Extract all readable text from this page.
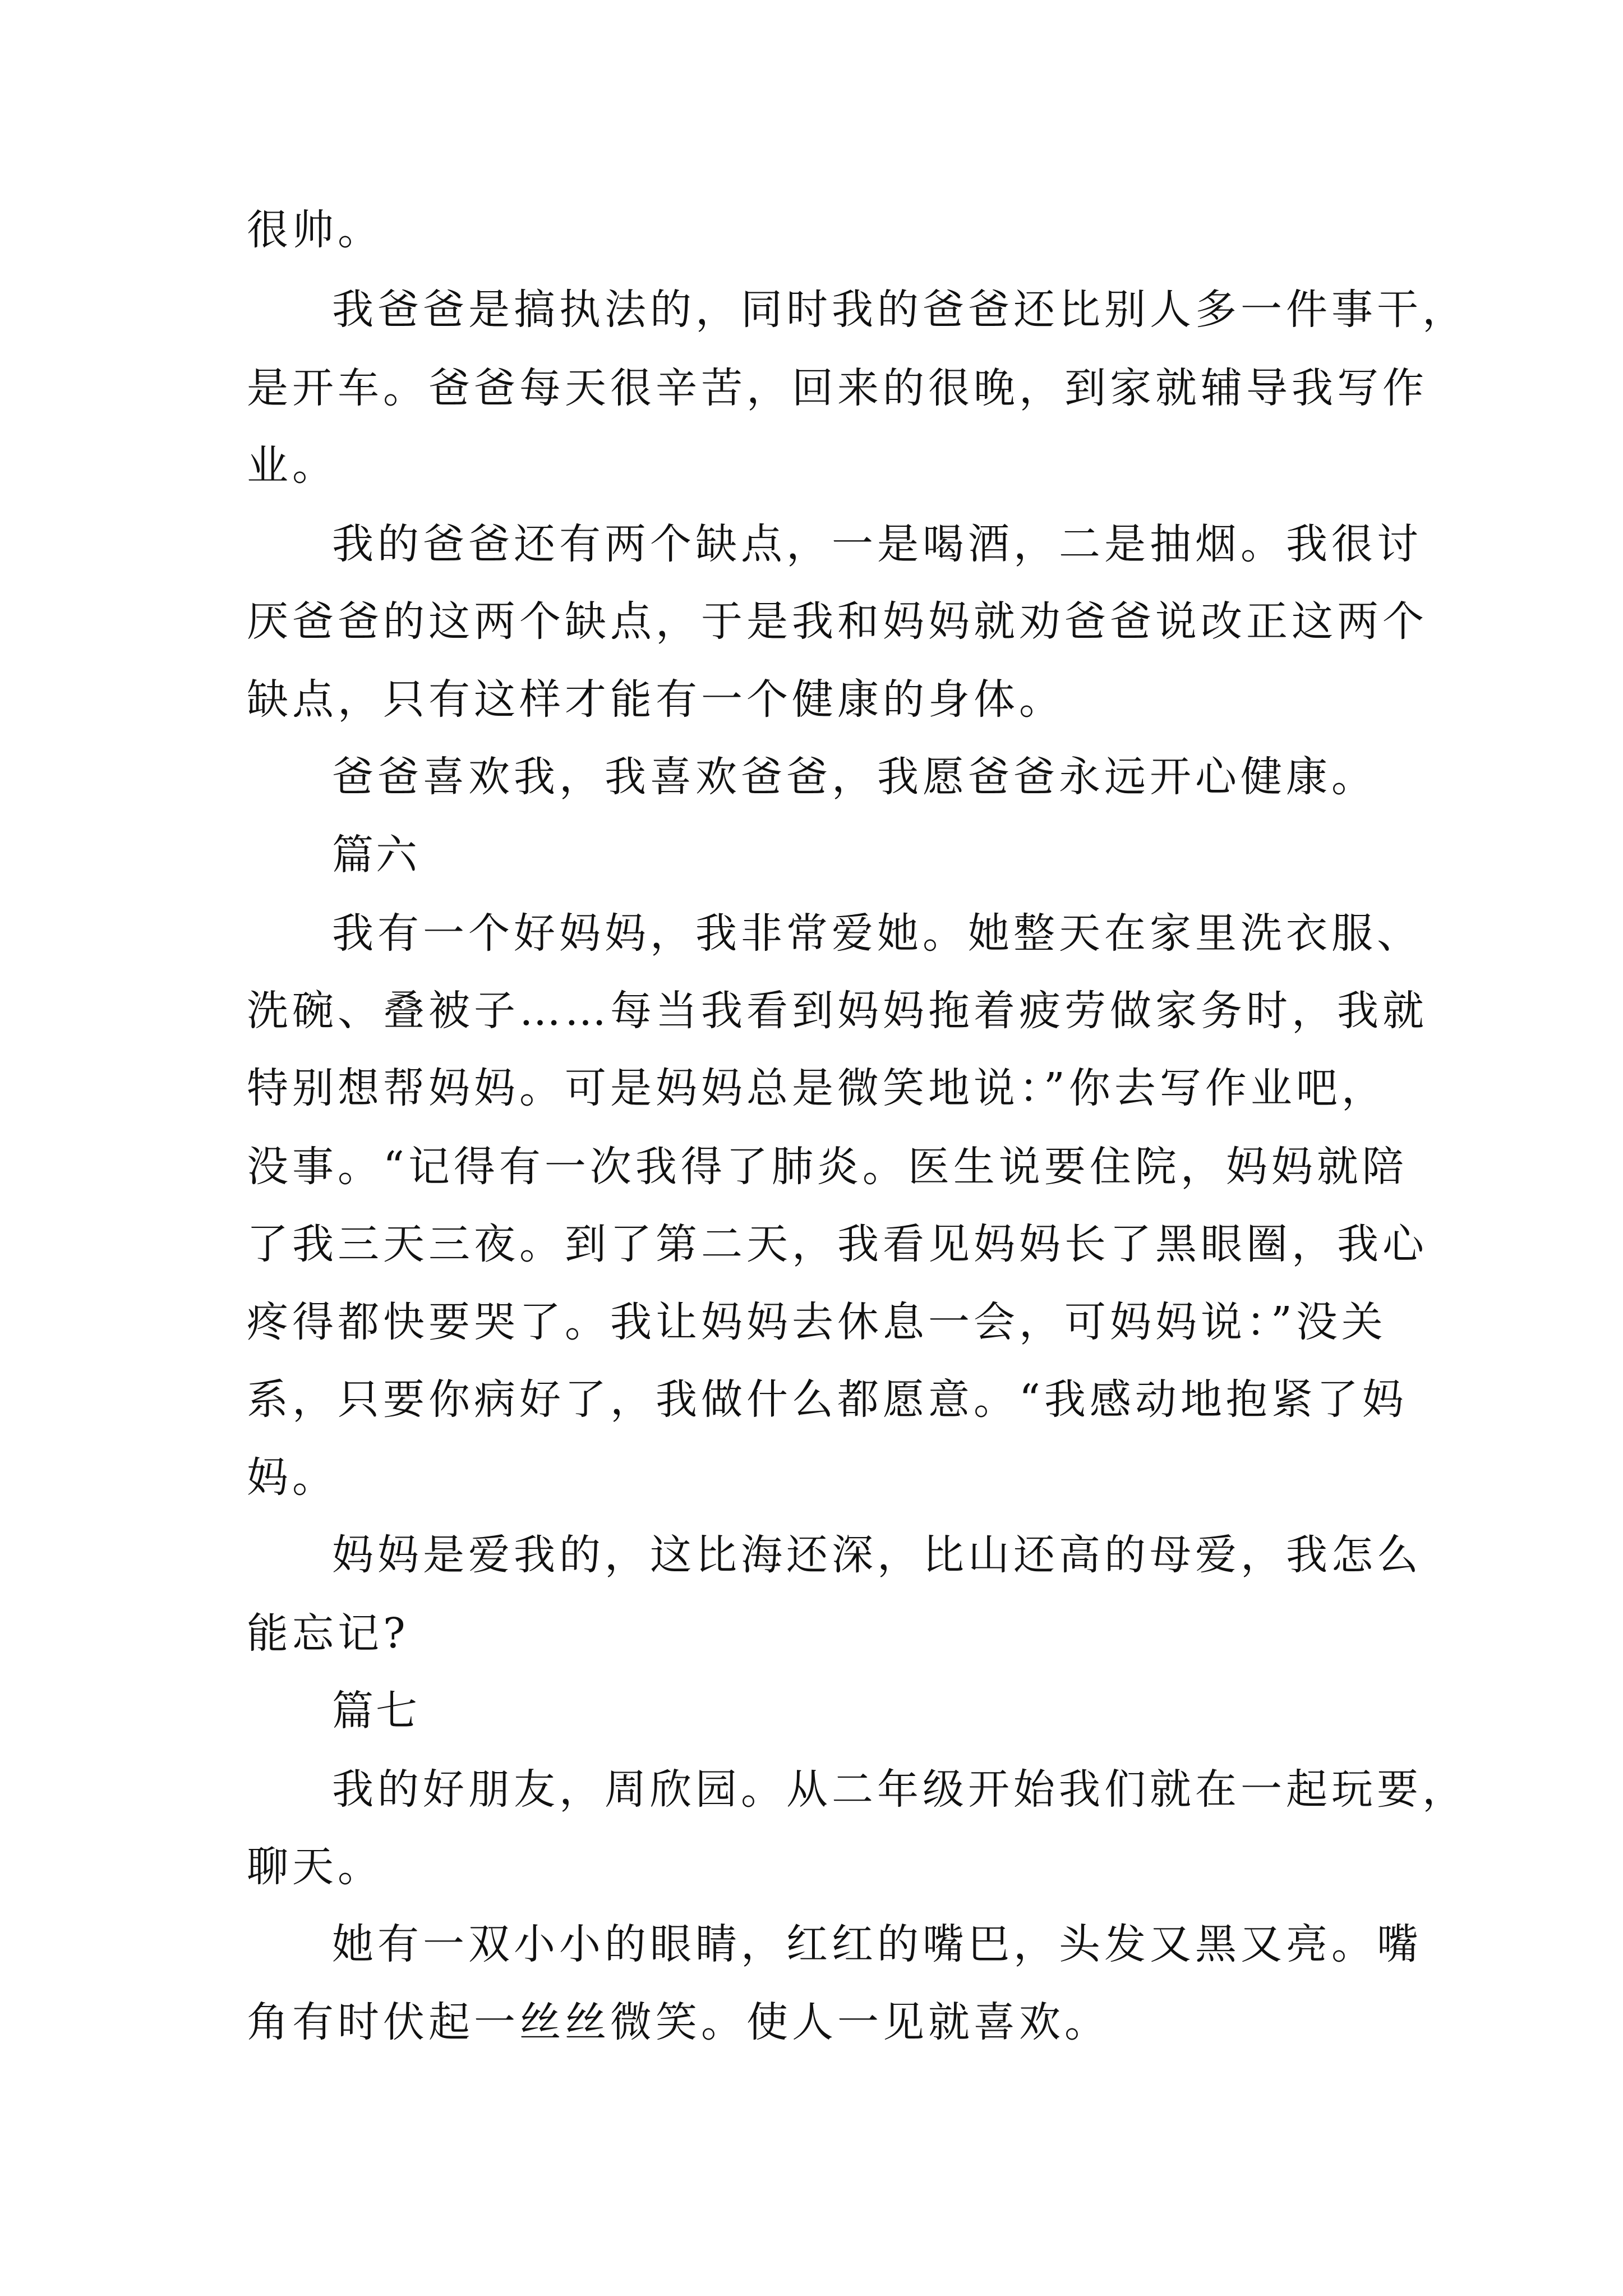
很帅。
我爸爸是搞执法的，同时我的爸爸还比别人多一件事干，
是开车。爸爸每天很辛苦，回来的很晚，到家就辅导我写作
业。
我的爸爸还有两个缺点，一是喝酒，二是抽烟。我很讨
厌爸爸的这两个缺点，于是我和妈妈就劝爸爸说改正这两个
缺点，只有这样才能有一个健康的身体。
爸爸喜欢我，我喜欢爸爸，我愿爸爸永远开心健康。
篇六
我有一个好妈妈，我非常爱她。她整天在家里洗衣服、
洗碗、叠被子……每当我看到妈妈拖着疲劳做家务时，我就
特别想帮妈妈。可是妈妈总是微笑地说：”你去写作业吧，
没事。“记得有一次我得了肺炎。医生说要住院，妈妈就陪
了我三天三夜。到了第二天，我看见妈妈长了黑眼圈，我心
疼得都快要哭了。我让妈妈去休息一会，可妈妈说：”没关
系，只要你病好了，我做什么都愿意。“我感动地抱紧了妈
妈。
妈妈是爱我的，这比海还深，比山还高的母爱，我怎么
能忘记?
篇七
我的好朋友，周欣园。从二年级开始我们就在一起玩要，
聊天。
她有一双小小的眼睛，红红的嘴巴，头发又黑又亮。嘴
角有时伏起一丝丝微笑。使人一见就喜欢。
